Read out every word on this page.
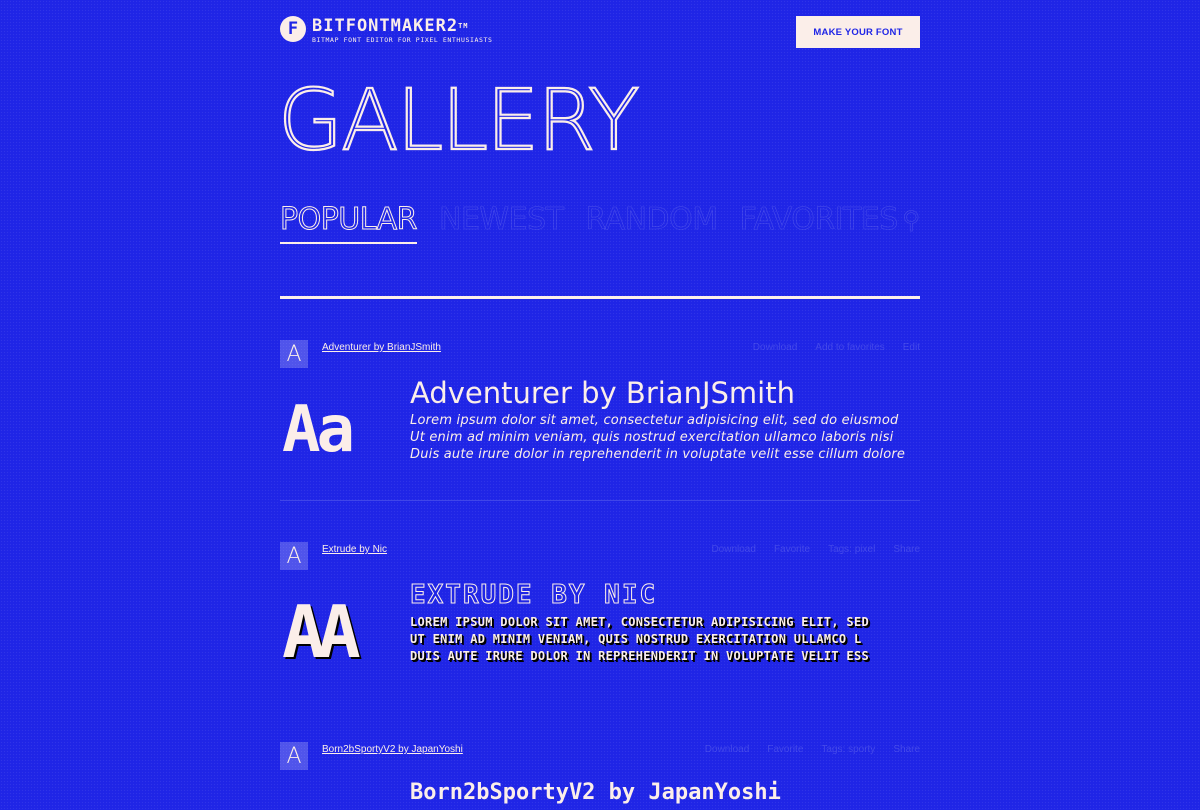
F BITFONTMAKER2™
BITMAP FONT EDITOR FOR PIXEL ENTHUSIASTS
MAKE YOUR FONT
GALLERY
POPULAR NEWEST RANDOM FAVORITES ⚲
A	Adventurer by BrianJSmith	Download Add to favorites Edit
Aa Adventurer by BrianJSmith
Lorem ipsum dolor sit amet, consectetur adipisicing elit, sed do eiusmod
Ut enim ad minim veniam, quis nostrud exercitation ullamco laboris nisi
Duis aute irure dolor in reprehenderit in voluptate velit esse cillum dolore
A	Extrude by Nic	Download Favorite Tags: pixel Share
AA EXTRUDE BY NIC
LOREM IPSUM DOLOR SIT AMET, CONSECTETUR ADIPISICING ELIT, SED
UT ENIM AD MINIM VENIAM, QUIS NOSTRUD EXERCITATION ULLAMCO L
DUIS AUTE IRURE DOLOR IN REPREHENDERIT IN VOLUPTATE VELIT ESS
A	Born2bSportyV2 by JapanYoshi	Download Favorite Tags: sporty Share
Born2bSportyV2 by JapanYoshi
